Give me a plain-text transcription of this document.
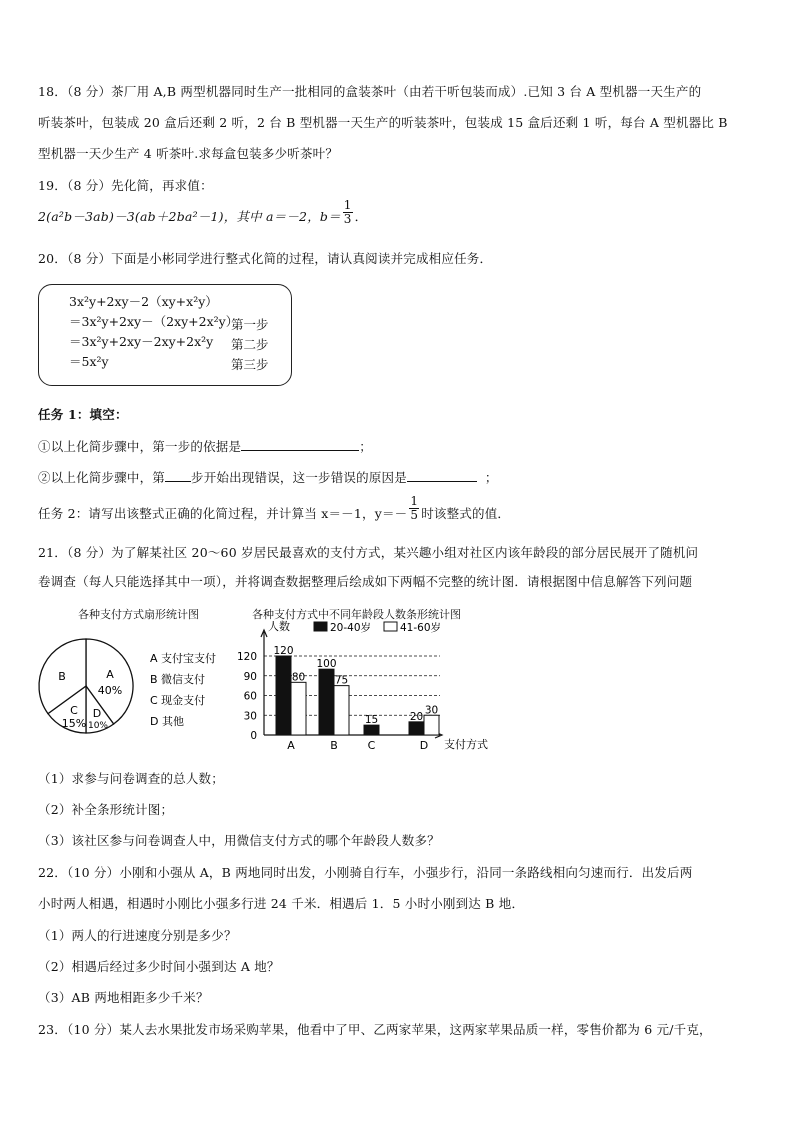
18．（8 分）茶厂用 A,B 两型机器同时生产一批相同的盒装茶叶（由若干听包装而成）.已知 3 台 A 型机器一天生产的
听装茶叶，包装成 20 盒后还剩 2 听，2 台 B 型机器一天生产的听装茶叶，包装成 15 盒后还剩 1 听，每台 A 型机器比 B
型机器一天少生产 4 听茶叶.求每盒包装多少听茶叶？
19．（8 分）先化简，再求值：
2(a²b－3ab)－3(ab＋2ba²－1)，其中 a＝－2，$b= \frac{1}{3}$ ．
20．（8 分）下面是小彬同学进行整式化简的过程，请认真阅读并完成相应任务．
3x²y+2xy－2（xy+x²y）
＝3x²y+2xy－（2xy+2x²y）
＝3x²y+2xy－2xy+2x²y
＝5x²y
第一步
第二步
第三步
任务 1：填空：
①以上化简步骤中，第一步的依据是	；
②以上化简步骤中，第 步开始出现错误，这一步错误的原因是	；
任务 2：请写出该整式正确的化简过程，并计算当 x＝－1，$y=- \frac{1}{5}$ 时该整式的值．
21．（8 分）为了解某社区 20～60 岁居民最喜欢的支付方式，某兴趣小组对社区内该年龄段的部分居民展开了随机问
卷调查（每人只能选择其中一项），并将调查数据整理后绘成如下两幅不完整的统计图．请根据图中信息解答下列问题
各种支付方式扇形统计图
A
40%
B
C
15%
D
10%
A 支付宝支付
B 微信支付
C 现金支付
D 其他
各种支付方式中不同年龄段人数条形统计图
人数
支付方式
0
30
60
90
120
20-40岁	41-60岁
120
80
A
100
75
B
15
C
20
30
D
（1）求参与问卷调查的总人数；
（2）补全条形统计图；
（3）该社区参与问卷调查人中，用微信支付方式的哪个年龄段人数多？
22．（10 分）小刚和小强从 A，B 两地同时出发，小刚骑自行车，小强步行，沿同一条路线相向匀速而行．出发后两
小时两人相遇，相遇时小刚比小强多行进 24 千米．相遇后 1．5 小时小刚到达 B 地．
（1）两人的行进速度分别是多少？
（2）相遇后经过多少时间小强到达 A 地？
（3）AB 两地相距多少千米？
23．（10 分）某人去水果批发市场采购苹果，他看中了甲、乙两家苹果，这两家苹果品质一样，零售价都为 6 元/千克，
